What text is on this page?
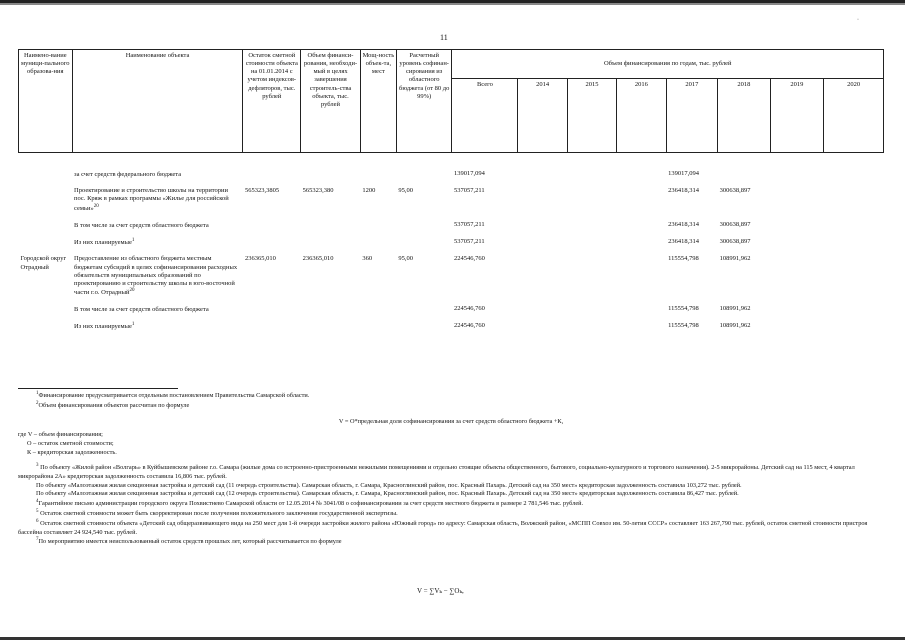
·
11
Наимено-вание муници-пального образова-ния	Наименование объекта	Остаток сметной стоимости объекта на 01.01.2014 с учетом индексов-дефляторов, тыс. рублей	Объем финанси-рования, необходи-мый в целях завершения строитель-ства объекта, тыс. рублей	Мощ-ность объек-та, мест	Расчетный уровень софинан-сирования из областного бюджета (от 80 до 99%)	Объем финансирования по годам, тыс. рублей							
						Всего	2014	2015	2016	2017	2018	2019	2020

	за счет средств федерального бюджета					139017,094				139017,094			
	Проектирование и строительство школы на территории пос. Кряж в рамках программы «Жилье для российской семьи»$^{20}$	565323,3805	565323,380	1200	95,00	537057,211				236418,314	300638,897		
	В том числе за счет средств областного бюджета					537057,211				236418,314	300638,897		
	Из них планируемые$^1$					537057,211				236418,314	300638,897		
Городской округ Отрадный	Предоставление из областного бюджета местным бюджетам субсидий в целях софинансирования расходных обязательств муниципальных образований по проектированию и строительству школы в юго-восточной части г.о. Отрадный$^{20}$	236365,010	236365,010	360	95,00	224546,760				115554,798	108991,962		
	В том числе за счет средств областного бюджета					224546,760				115554,798	108991,962		
	Из них планируемые$^1$					224546,760				115554,798	108991,962		

$^1$Финансирование предусматривается отдельным постановлением Правительства Самарской области.

$^2$Объем финансирования объектов рассчитан по формуле

V = О*предельная доля софинансирования за счет средств областного бюджета +К,

где V – объем финансирования;

О – остаток сметной стоимости;

К – кредиторская задолженность.

$^3$ По объекту «Жилой район «Волгарь» в Куйбышевском районе г.о. Самара (жилые дома со встроенно-пристроенными нежилыми помещениями и отдельно стоящие объекты общественного, бытового, социально-культурного и торгового назначения). 2-5 микрорайоны. Детский сад на 115 мест, 4 квартал микрорайона 2А» кредиторская задолженность составила 16,806 тыс. рублей.

По объекту «Малоэтажная жилая секционная застройка и детский сад (11 очередь строительства). Самарская область, г. Самара, Красноглинский район, пос. Красный Пахарь. Детский сад на 350 мест» кредиторская задолженность составила 103,272 тыс. рублей.

По объекту «Малоэтажная жилая секционная застройка и детский сад (12 очередь строительства). Самарская область, г. Самара, Красноглинский район, пос. Красный Пахарь. Детский сад на 350 мест» кредиторская задолженность составила 86,427 тыс. рублей.

$^4$Гарантийное письмо администрации городского округа Похвистнево Самарской области от 12.05.2014 № 3041/08 о софинансировании за счет средств местного бюджета в размере 2 781,546 тыс. рублей.

$^5$ Остаток сметной стоимости может быть скорректирован после получения положительного заключения государственной экспертизы.

$^6$ Остаток сметной стоимости объекта «Детский сад общеразвивающего вида на 250 мест для 1-й очереди застройки жилого района «Южный город» по адресу: Самарская область, Волжский район, «МСПП Совхоз им. 50-летия СССР» составляет 163 267,790 тыс. рублей, остаток сметной стоимости пристроя бассейна составляет 24 924,540 тыс. рублей.

$^7$По мероприятию имеется неиспользованный остаток средств прошлых лет, который рассчитывается по формуле

V = ∑Vₖ − ∑Oₖ,
